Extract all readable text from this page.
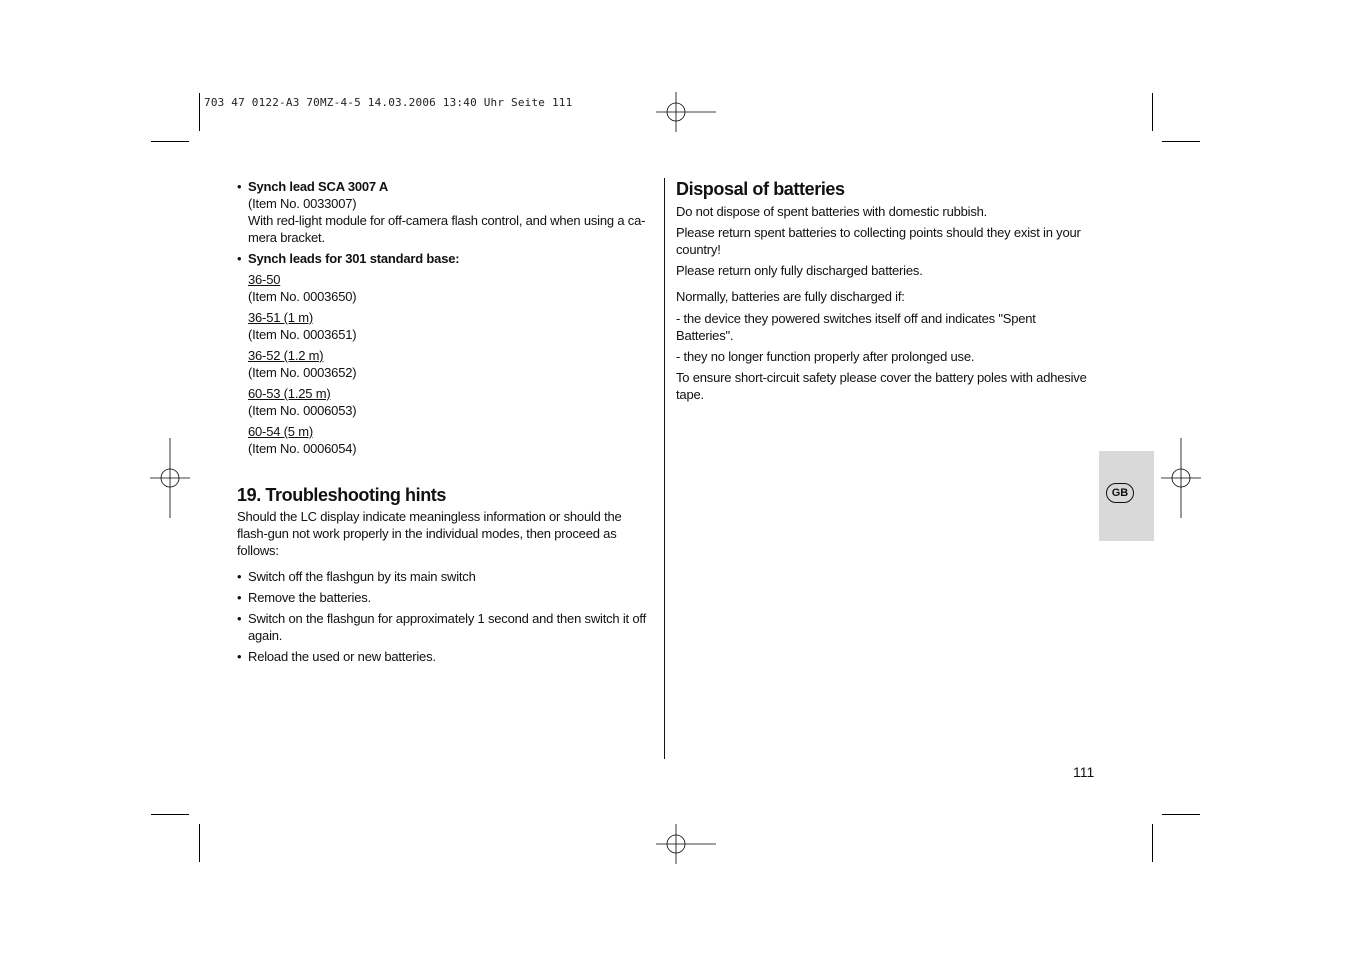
703 47 0122-A3 70MZ-4-5 14.03.2006 13:40 Uhr Seite 111
• Synch lead SCA 3007 A
(Item No. 0033007)
With red-light module for off-camera flash control, and when using a ca-mera bracket.
• Synch leads for 301 standard base:
36-50
(Item No. 0003650)
36-51 (1 m)
(Item No. 0003651)
36-52 (1.2 m)
(Item No. 0003652)
60-53 (1.25 m)
(Item No. 0006053)
60-54 (5 m)
(Item No. 0006054)
19. Troubleshooting hints
Should the LC display indicate meaningless information or should the flash-gun not work properly in the individual modes, then proceed as follows:
• Switch off the flashgun by its main switch
• Remove the batteries.
• Switch on the flashgun for approximately 1 second and then switch it off again.
• Reload the used or new batteries.
Disposal of batteries
Do not dispose of spent batteries with domestic rubbish.
Please return spent batteries to collecting points should they exist in your country!
Please return only fully discharged batteries.
Normally, batteries are fully discharged if:
- the device they powered switches itself off and indicates "Spent Batteries".
- they no longer function properly after prolonged use.
To ensure short-circuit safety please cover the battery poles with adhesive tape.
GB
111
